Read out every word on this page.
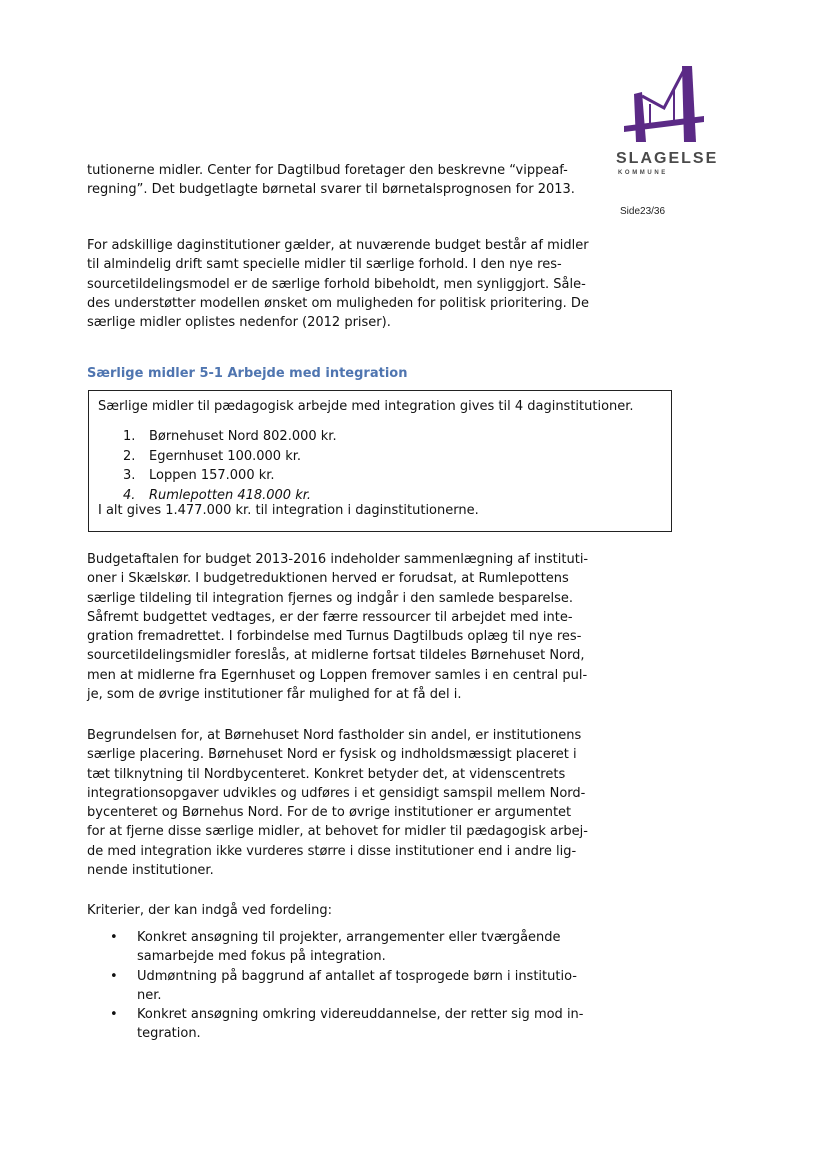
SLAGELSE
KOMMUNE
Side23/36

tutionerne midler. Center for Dagtilbud foretager den beskrevne “vippeaf-
regning”. Det budgetlagte børnetal svarer til børnetalsprognosen for 2013.

For adskillige daginstitutioner gælder, at nuværende budget består af midler
til almindelig drift samt specielle midler til særlige forhold. I den nye res-
sourcetildelingsmodel er de særlige forhold bibeholdt, men synliggjort. Såle-
des understøtter modellen ønsket om muligheden for politisk prioritering. De
særlige midler oplistes nedenfor (2012 priser).

Særlige midler 5-1 Arbejde med integration
Særlige midler til pædagogisk arbejde med integration gives til 4 daginstitutioner.
1. Børnehuset Nord 802.000 kr.
2. Egernhuset 100.000 kr.
3. Loppen 157.000 kr.
4. Rumlepotten 418.000 kr.
I alt gives 1.477.000 kr. til integration i daginstitutionerne.

Budgetaftalen for budget 2013-2016 indeholder sammenlægning af instituti-
oner i Skælskør. I budgetreduktionen herved er forudsat, at Rumlepottens
særlige tildeling til integration fjernes og indgår i den samlede besparelse.
Såfremt budgettet vedtages, er der færre ressourcer til arbejdet med inte-
gration fremadrettet. I forbindelse med Turnus Dagtilbuds oplæg til nye res-
sourcetildelingsmidler foreslås, at midlerne fortsat tildeles Børnehuset Nord,
men at midlerne fra Egernhuset og Loppen fremover samles i en central pul-
je, som de øvrige institutioner får mulighed for at få del i.

Begrundelsen for, at Børnehuset Nord fastholder sin andel, er institutionens
særlige placering. Børnehuset Nord er fysisk og indholdsmæssigt placeret i
tæt tilknytning til Nordbycenteret. Konkret betyder det, at videnscentrets
integrationsopgaver udvikles og udføres i et gensidigt samspil mellem Nord-
bycenteret og Børnehus Nord. For de to øvrige institutioner er argumentet
for at fjerne disse særlige midler, at behovet for midler til pædagogisk arbej-
de med integration ikke vurderes større i disse institutioner end i andre lig-
nende institutioner.

Kriterier, der kan indgå ved fordeling:

• Konkret ansøgning til projekter, arrangementer eller tværgående
samarbejde med fokus på integration.
• Udmøntning på baggrund af antallet af tosprogede børn i institutio-
ner.
• Konkret ansøgning omkring videreuddannelse, der retter sig mod in-
tegration.
